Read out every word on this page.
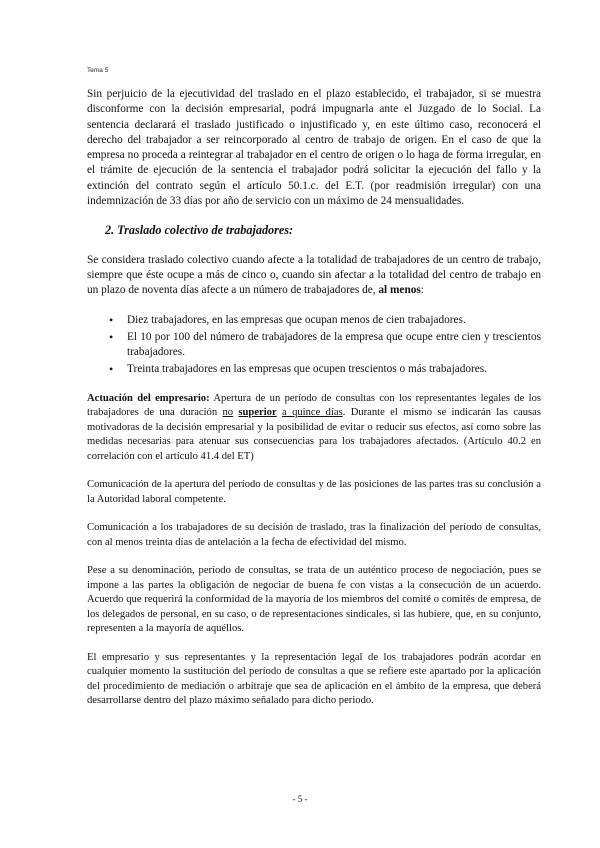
Tema 5

Sin perjuicio de la ejecutividad del traslado en el plazo establecido, el trabajador, si se muestra disconforme con la decisión empresarial, podrá impugnarla ante el Juzgado de lo Social. La sentencia declarará el traslado justificado o injustificado y, en este último caso, reconocerá el derecho del trabajador a ser reincorporado al centro de trabajo de origen. En el caso de que la empresa no proceda a reintegrar al trabajador en el centro de origen o lo haga de forma irregular, en el trámite de ejecución de la sentencia el trabajador podrá solicitar la ejecución del fallo y la extinción del contrato según el artículo 50.1.c. del E.T. (por readmisión irregular) con una indemnización de 33 días por año de servicio con un máximo de 24 mensualidades.

2. Traslado colectivo de trabajadores:

Se considera traslado colectivo cuando afecte a la totalidad de trabajadores de un centro de trabajo, siempre que éste ocupe a más de cinco o, cuando sin afectar a la totalidad del centro de trabajo en un plazo de noventa días afecte a un número de trabajadores de, al menos:

• Diez trabajadores, en las empresas que ocupan menos de cien trabajadores.
• El 10 por 100 del número de trabajadores de la empresa que ocupe entre cien y trescientos trabajadores.
• Treinta trabajadores en las empresas que ocupen trescientos o más trabajadores.

Actuación del empresario: Apertura de un período de consultas con los representantes legales de los trabajadores de una duración no superior a quince días. Durante el mismo se indicarán las causas motivadoras de la decisión empresarial y la posibilidad de evitar o reducir sus efectos, así como sobre las medidas necesarias para atenuar sus consecuencias para los trabajadores afectados. (Artículo 40.2 en correlación con el artículo 41.4 del ET)

Comunicación de la apertura del período de consultas y de las posiciones de las partes tras su conclusión a la Autoridad laboral competente.

Comunicación a los trabajadores de su decisión de traslado, tras la finalización del período de consultas, con al menos treinta días de antelación a la fecha de efectividad del mismo.

Pese a su denominación, período de consultas, se trata de un auténtico proceso de negociación, pues se impone a las partes la obligación de negociar de buena fe con vistas a la consecución de un acuerdo. Acuerdo que requerirá la conformidad de la mayoría de los miembros del comité o comités de empresa, de los delegados de personal, en su caso, o de representaciones sindicales, si las hubiere, que, en su conjunto, representen a la mayoría de aquéllos.

El empresario y sus representantes y la representación legal de los trabajadores podrán acordar en cualquier momento la sustitución del período de consultas a que se refiere este apartado por la aplicación del procedimiento de mediación o arbitraje que sea de aplicación en el ámbito de la empresa, que deberá desarrollarse dentro del plazo máximo señalado para dicho periodo.

- 5 -
